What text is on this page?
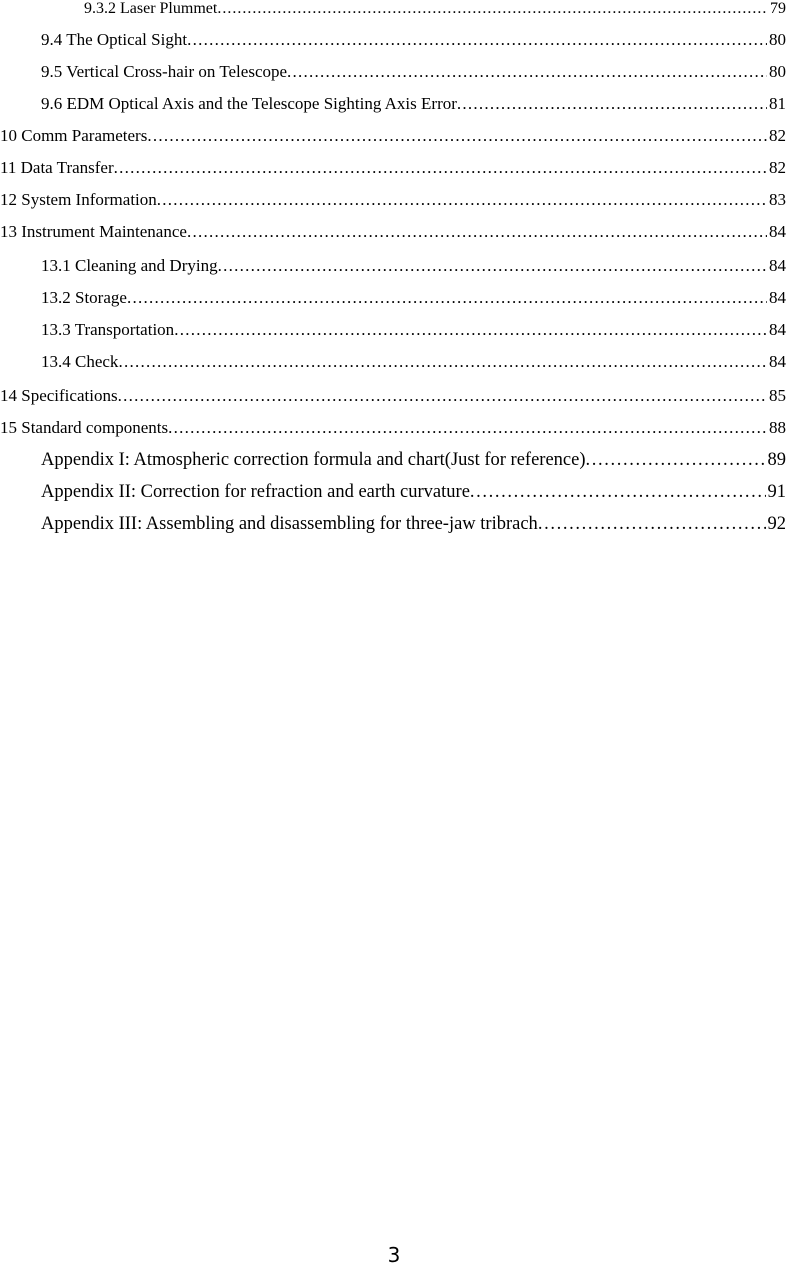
9.3.2 Laser Plummet . . .	79
9.4 The Optical Sight . . .	80
9.5 Vertical Cross-hair on Telescope . . .	80
9.6 EDM Optical Axis and the Telescope Sighting Axis Error . . .	81
10 Comm Parameters . . .	82
11 Data Transfer . . .	82
12 System Information . . .	83
13 Instrument Maintenance . . .	84
13.1 Cleaning and Drying . . .	84
13.2 Storage . . .	84
13.3 Transportation . . .	84
13.4 Check . . .	84
14 Specifications . . .	85
15 Standard components . . .	88
Appendix I: Atmospheric correction formula and chart(Just for reference) . . .	89
Appendix II: Correction for refraction and earth curvature . . .	91
Appendix III: Assembling and disassembling for three-jaw tribrach . . .	92
3
